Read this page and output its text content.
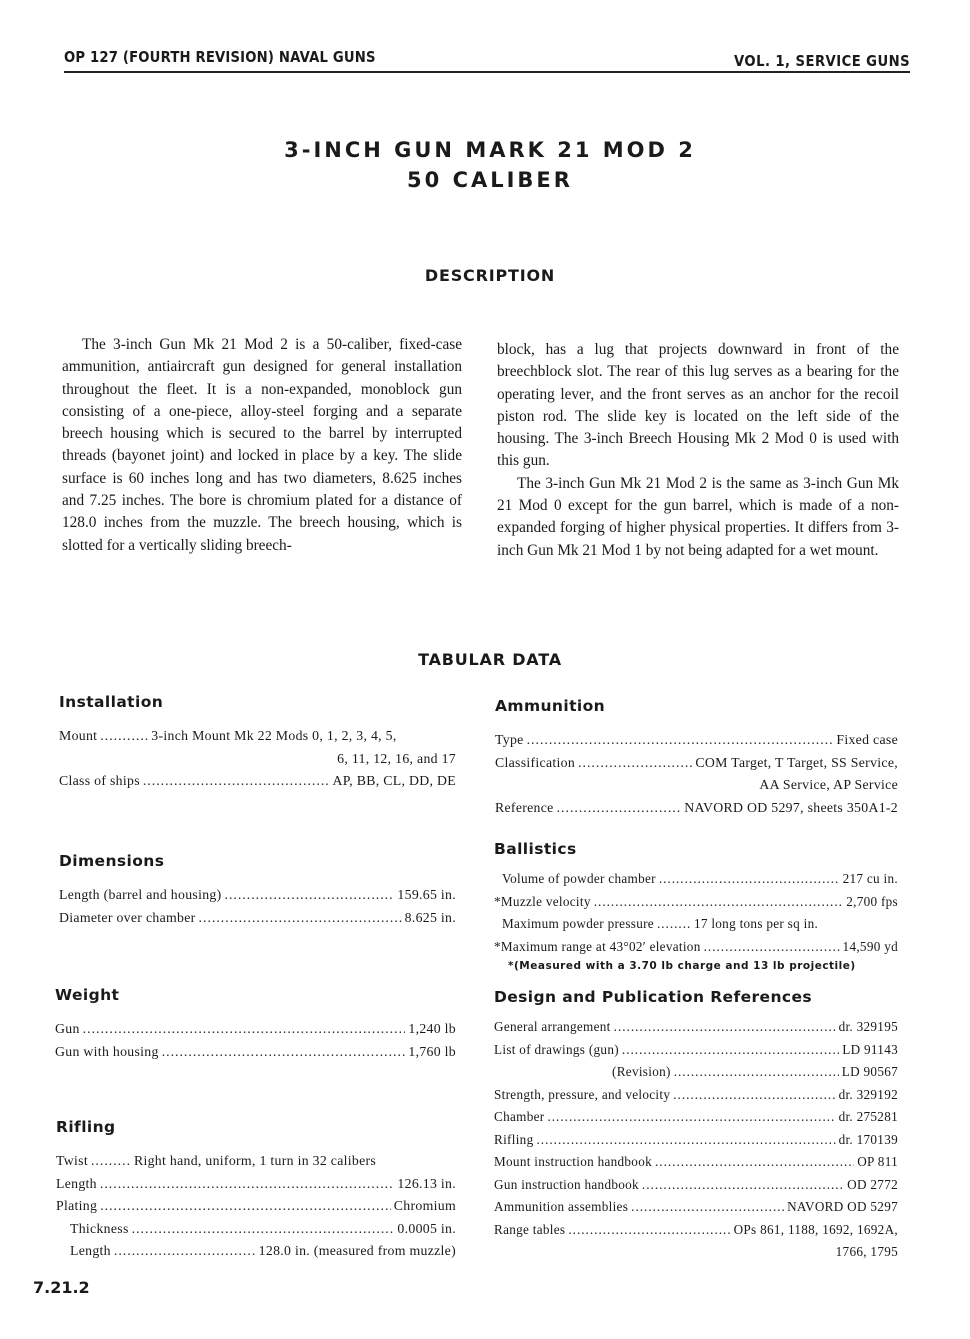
OP 127 (FOURTH REVISION) NAVAL GUNS	VOL. 1, SERVICE GUNS
3-INCH GUN MARK 21 MOD 2
50 CALIBER
DESCRIPTION

The 3-inch Gun Mk 21 Mod 2 is a 50-caliber, fixed-case ammunition, antiaircraft gun designed for general installation throughout the fleet. It is a non-expanded, monoblock gun consisting of a one-piece, alloy-steel forging and a separate breech housing which is secured to the barrel by interrupted threads (bayonet joint) and locked in place by a key. The slide surface is 60 inches long and has two diameters, 8.625 inches and 7.25 inches. The bore is chromium plated for a distance of 128.0 inches from the muzzle. The breech housing, which is slotted for a vertically sliding breech-

block, has a lug that projects downward in front of the breechblock slot. The rear of this lug serves as a bearing for the operating lever, and the front serves as an anchor for the recoil piston rod. The slide key is located on the left side of the housing. The 3-inch Breech Housing Mk 2 Mod 0 is used with this gun.

The 3-inch Gun Mk 21 Mod 2 is the same as 3-inch Gun Mk 21 Mod 0 except for the gun barrel, which is made of a non-expanded forging of higher physical properties. It differs from 3-inch Gun Mk 21 Mod 1 by not being adapted for a wet mount.

TABULAR DATA
Installation
Mount .....	3-inch Mount Mk 22 Mods 0, 1, 2, 3, 4, 5,
6, 11, 12, 16, and 17
Class of ships .....	AP, BB, CL, DD, DE
Dimensions
Length (barrel and housing) .....	159.65 in.
Diameter over chamber .....	8.625 in.
Weight
Gun .....	1,240 lb
Gun with housing .....	1,760 lb
Rifling
Twist .....	Right hand, uniform, 1 turn in 32 calibers
Length .....	126.13 in.
Plating .....	Chromium
Thickness .....	0.0005 in.
Length .....	128.0 in. (measured from muzzle)
Ammunition
Type .....	Fixed case
Classification .....	COM Target, T Target, SS Service,
AA Service, AP Service
Reference .....	NAVORD OD 5297, sheets 350A1-2
Ballistics
Volume of powder chamber .....	217 cu in.
*Muzzle velocity .....	2,700 fps
Maximum powder pressure .....	17 long tons per sq in.
*Maximum range at 43°02′ elevation .....	14,590 yd
*(Measured with a 3.70 lb charge and 13 lb projectile)
Design and Publication References
General arrangement .....	dr. 329195
List of drawings (gun) .....	LD 91143
(Revision) .....	LD 90567
Strength, pressure, and velocity .....	dr. 329192
Chamber .....	dr. 275281
Rifling .....	dr. 170139
Mount instruction handbook .....	OP 811
Gun instruction handbook .....	OD 2772
Ammunition assemblies .....	NAVORD OD 5297
Range tables .....	OPs 861, 1188, 1692, 1692A,
1766, 1795
7.21.2
